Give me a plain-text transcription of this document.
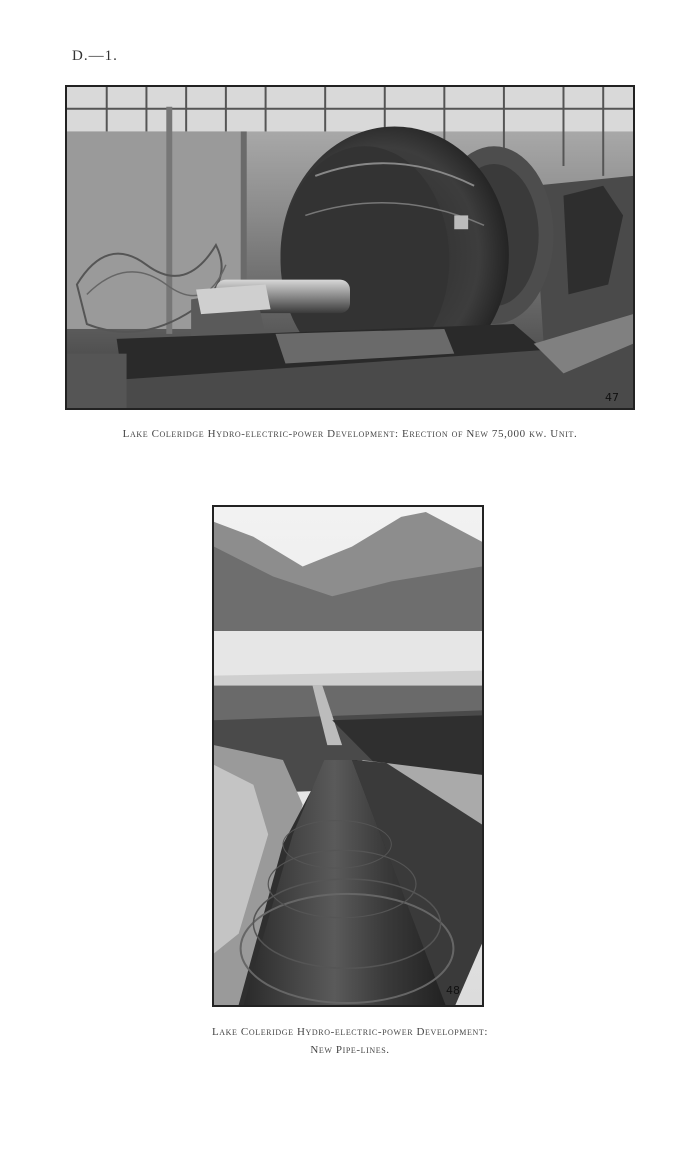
D.—1.
47
Lake Coleridge Hydro-electric-power Development: Erection of New 75,000 kw. Unit.
48
Lake Coleridge Hydro-electric-power Development:
New Pipe-lines.
